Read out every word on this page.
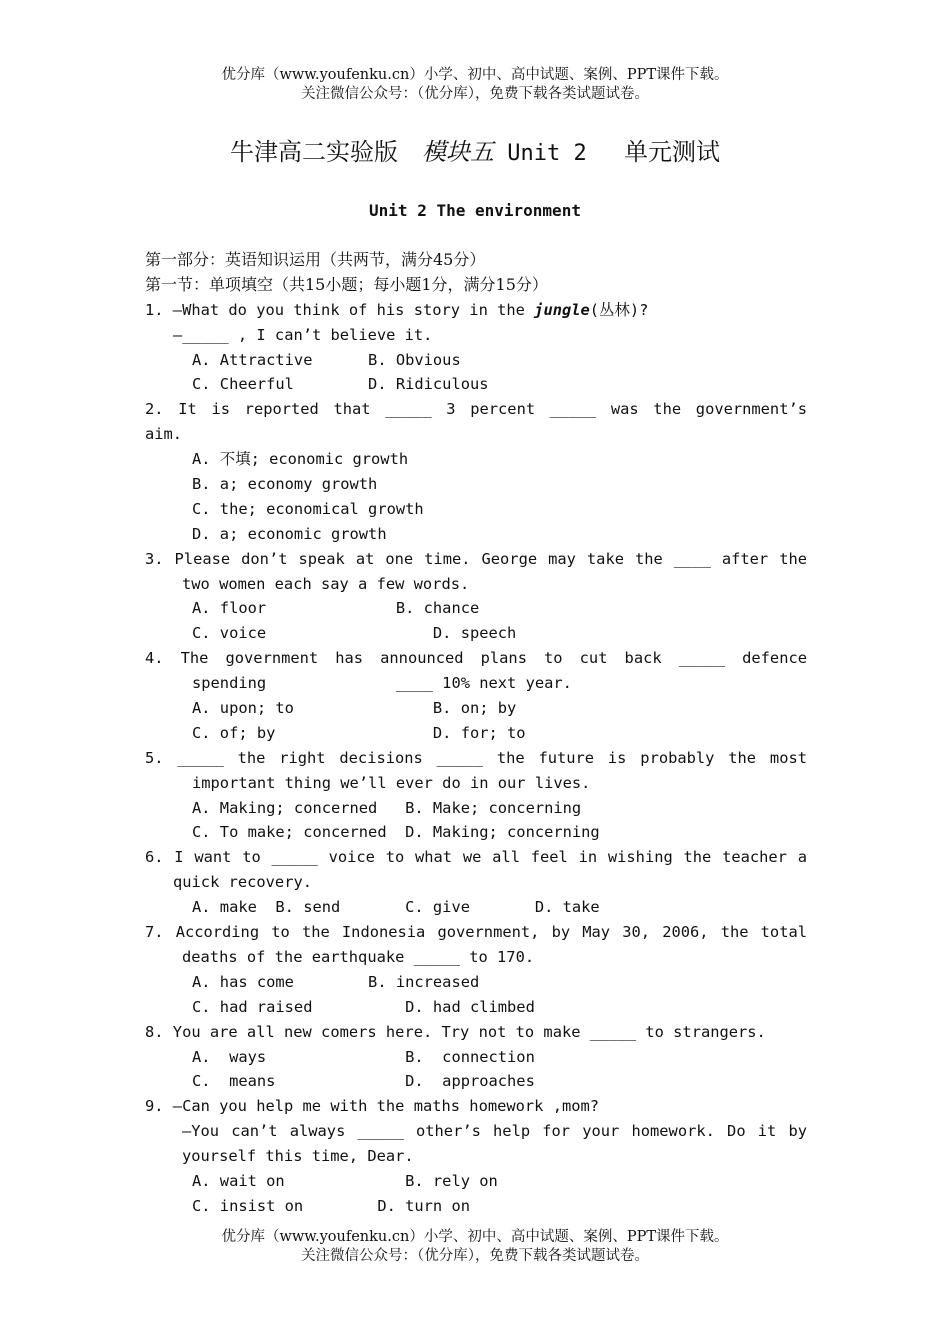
优分库（www.youfenku.cn）小学、初中、高中试题、案例、PPT课件下载。
关注微信公众号：（优分库），免费下载各类试题试卷。
牛津高二实验版　模块五 Unit 2 　单元测试
Unit 2 The environment
第一部分：英语知识运用（共两节，满分45分）
第一节：单项填空（共15小题；每小题1分，满分15分）
1. —What do you think of his story in the jungle(丛林)?
—_____ , I can’t believe it.
A. Attractive      B. Obvious
C. Cheerful        D. Ridiculous
2. It is reported that _____ 3 percent _____ was the government’s
aim.
A. 不填; economic growth
B. a; economy growth
C. the; economical growth
D. a; economic growth
3. Please don’t speak at one time. George may take the ____ after the
two women each say a few words.
A. floor              B. chance
C. voice                  D. speech
4. The government has announced plans to cut back _____ defence
spending              ____ 10% next year.
A. upon; to               B. on; by
C. of; by                 D. for; to
5. _____ the right decisions _____ the future is probably the most
important thing we’ll ever do in our lives.
A. Making; concerned   B. Make; concerning
C. To make; concerned  D. Making; concerning
6. I want to _____ voice to what we all feel in wishing the teacher a
quick recovery.
A. make  B. send       C. give       D. take
7. According to the Indonesia government, by May 30, 2006, the total
deaths of the earthquake _____ to 170.
A. has come        B. increased
C. had raised          D. had climbed
8. You are all new comers here. Try not to make _____ to strangers.
A.  ways               B.  connection
C.  means              D.  approaches
9. —Can you help me with the maths homework ,mom?
—You can’t always _____ other’s help for your homework. Do it by
yourself this time, Dear.
A. wait on             B. rely on
C. insist on        D. turn on
优分库（www.youfenku.cn）小学、初中、高中试题、案例、PPT课件下载。
关注微信公众号：（优分库），免费下载各类试题试卷。
